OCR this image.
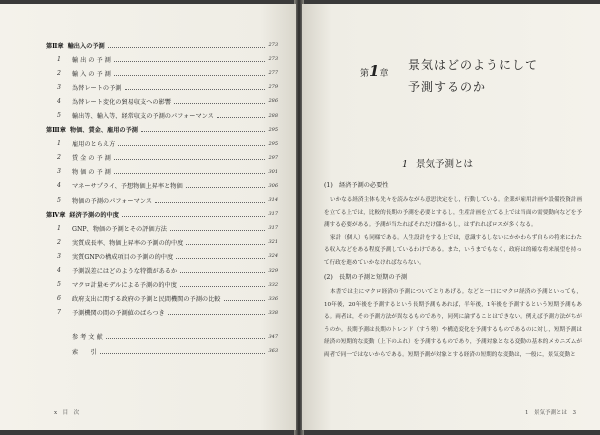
第Ⅱ章 輸出入の予測	273
1	輸 出 の 予 測	273
2	輸 入 の 予 測	277
3	為替レートの予測	279
4	為替レート変化の貿易収支への影響	286
5	輸出等、輸入等、経常収支の予測のパフォーマンス	288
第Ⅲ章 物価、賃金、雇用の予測	295
1	雇用のとらえ方	295
2	賃 金 の 予 測	297
3	物 価 の 予 測	301
4	マネーサプライ、予想物価上昇率と物価	306
5	物価の予測のパフォーマンス	314
第Ⅳ章 経済予測の的中度	317
1	GNP、物価の予測とその評価方法	317
2	実質成長率、物価上昇率の予測の的中度	321
3	実質GNPの構成項目の予測の的中度	324
4	予測誤差にはどのような特徴があるか	329
5	マクロ計量モデルによる予測の的中度	332
6	政府支出に関する政府の予測と民間機関の予測の比較	336
7	予測機関の間の予測値のばらつき	338
参 考 文 献	347
索　　引	363
x　目　次
第1章
景気はどのようにして
予測するのか
1 景気予測とは
(1)　経済予測の必要性

いかなる経済主体も先々を読みながら意思決定をし，行動している。企業が雇用計画や設備投資計画を立てる上では，比較的長期の予測を必要とするし，生産計画を立てる上では当面の需要動向などを予測する必要がある。予測が当たればそれだけ儲かるし，はずれればロスが多くなる。

家計（個人）も同様である。人生設計をする上では，意識するしないにかかわらず自らの将来にわたる収入などをある程度予測しているわけである。また，いうまでもなく，政府は的確な将来展望を持って行政を進めていかなければならない。

(2)　長期の予測と短期の予測

本書では主にマクロ経済の予測についてとりあげる。などと一口にマクロ経済の予測といっても，10年後，20年後を予測するという長期予測もあれば，半年後，1年後を予測するという短期予測もある。両者は，その予測方法が異なるものであり，同列に論ずることはできない。例えば予測方法がちがうのか。長期予測は長期のトレンド（すう勢）や構造変化を予測するものであるのに対し，短期予測は経済の短期的な変動（上下のふれ）を予測するものであり，予測対象となる変動の基本的メカニズムが両者で同一ではないからである。短期予測が対象とする経済の短期的な変動は，一般に，景気変動と

1　景気予測とは　3
